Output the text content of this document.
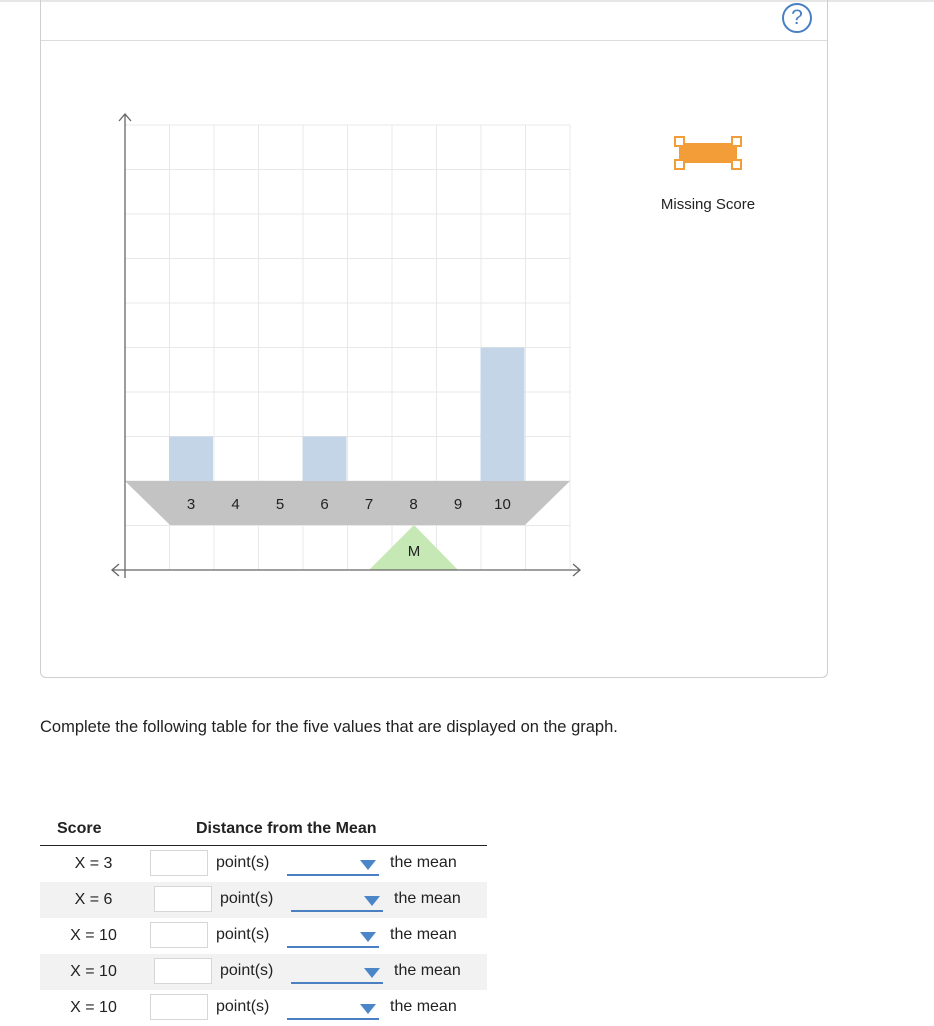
?
3 4 5 6 7 8 9 10
M
Missing Score
Complete the following table for the five values that are displayed on the graph.
Score	Distance from the Mean
X = 3	point(s)	the mean
X = 6	point(s)	the mean
X = 10	point(s)	the mean
X = 10	point(s)	the mean
X = 10	point(s)	the mean
